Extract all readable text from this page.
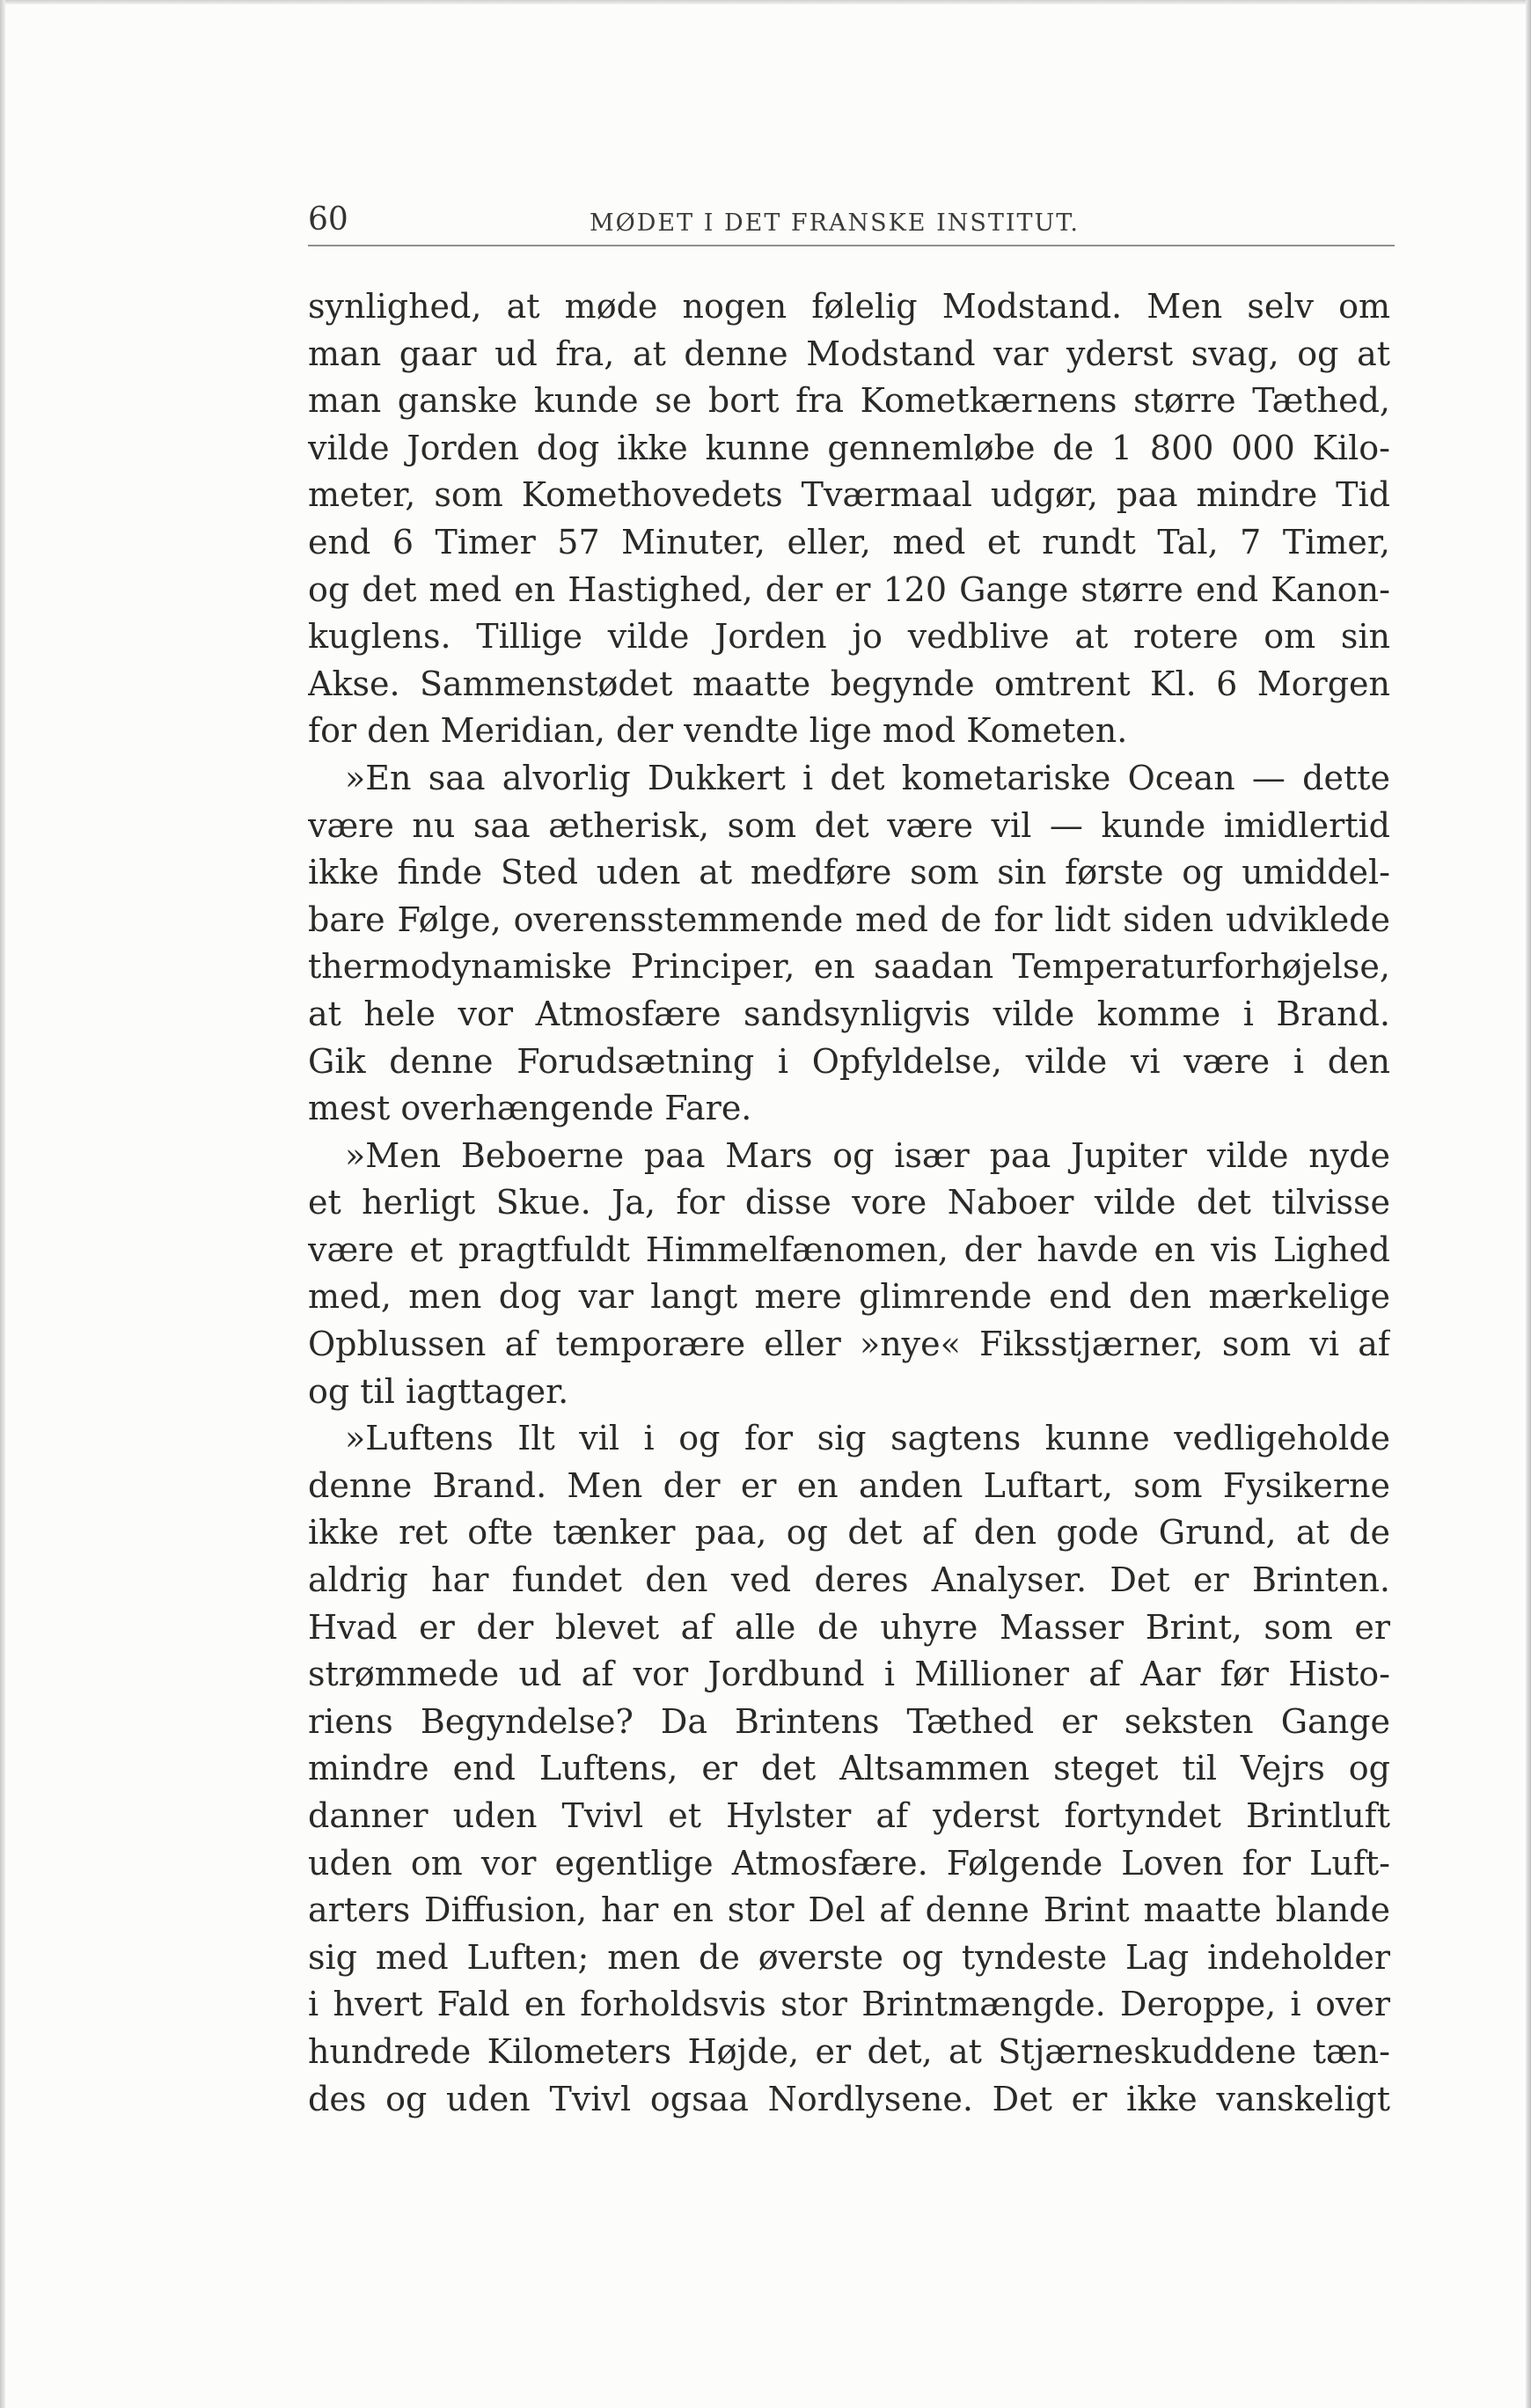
60	MØDET I DET FRANSKE INSTITUT.
synlighed, at møde nogen følelig Modstand. Men selv om
man gaar ud fra, at denne Modstand var yderst svag, og at
man ganske kunde se bort fra Kometkærnens større Tæthed,
vilde Jorden dog ikke kunne gennemløbe de 1 800 000 Kilo-
meter, som Komethovedets Tværmaal udgør, paa mindre Tid
end 6 Timer 57 Minuter, eller, med et rundt Tal, 7 Timer,
og det med en Hastighed, der er 120 Gange større end Kanon-
kuglens. Tillige vilde Jorden jo vedblive at rotere om sin
Akse. Sammenstødet maatte begynde omtrent Kl. 6 Morgen
for den Meridian, der vendte lige mod Kometen.
»En saa alvorlig Dukkert i det kometariske Ocean — dette
være nu saa ætherisk, som det være vil — kunde imidlertid
ikke finde Sted uden at medføre som sin første og umiddel-
bare Følge, overensstemmende med de for lidt siden udviklede
thermodynamiske Principer, en saadan Temperaturforhøjelse,
at hele vor Atmosfære sandsynligvis vilde komme i Brand.
Gik denne Forudsætning i Opfyldelse, vilde vi være i den
mest overhængende Fare.
»Men Beboerne paa Mars og især paa Jupiter vilde nyde
et herligt Skue. Ja, for disse vore Naboer vilde det tilvisse
være et pragtfuldt Himmelfænomen, der havde en vis Lighed
med, men dog var langt mere glimrende end den mærkelige
Opblussen af temporære eller »nye« Fiksstjærner, som vi af
og til iagttager.
»Luftens Ilt vil i og for sig sagtens kunne vedligeholde
denne Brand. Men der er en anden Luftart, som Fysikerne
ikke ret ofte tænker paa, og det af den gode Grund, at de
aldrig har fundet den ved deres Analyser. Det er Brinten.
Hvad er der blevet af alle de uhyre Masser Brint, som er
strømmede ud af vor Jordbund i Millioner af Aar før Histo-
riens Begyndelse? Da Brintens Tæthed er seksten Gange
mindre end Luftens, er det Altsammen steget til Vejrs og
danner uden Tvivl et Hylster af yderst fortyndet Brintluft
uden om vor egentlige Atmosfære. Følgende Loven for Luft-
arters Diffusion, har en stor Del af denne Brint maatte blande
sig med Luften; men de øverste og tyndeste Lag indeholder
i hvert Fald en forholdsvis stor Brintmængde. Deroppe, i over
hundrede Kilometers Højde, er det, at Stjærneskuddene tæn-
des og uden Tvivl ogsaa Nordlysene. Det er ikke vanskeligt
